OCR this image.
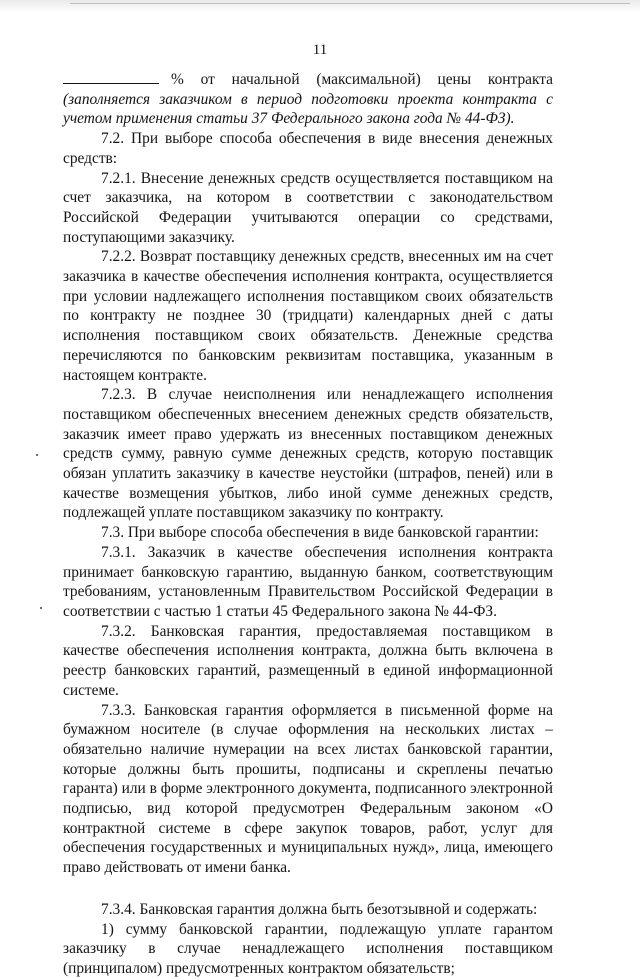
11

% от начальной (максимальной) цены контракта

(заполняется заказчиком в период подготовки проекта контракта с учетом применения статьи 37 Федерального закона года № 44-ФЗ).

7.2. При выборе способа обеспечения в виде внесения денежных средств:

7.2.1. Внесение денежных средств осуществляется поставщиком на счет заказчика, на котором в соответствии с законодательством Российской Федерации учитываются операции со средствами, поступающими заказчику.

7.2.2. Возврат поставщику денежных средств, внесенных им на счет заказчика в качестве обеспечения исполнения контракта, осуществляется при условии надлежащего исполнения поставщиком своих обязательств по контракту не позднее 30 (тридцати) календарных дней с даты исполнения поставщиком своих обязательств. Денежные средства перечисляются по банковским реквизитам поставщика, указанным в настоящем контракте.

7.2.3. В случае неисполнения или ненадлежащего исполнения поставщиком обеспеченных внесением денежных средств обязательств, заказчик имеет право удержать из внесенных поставщиком денежных средств сумму, равную сумме денежных средств, которую поставщик обязан уплатить заказчику в качестве неустойки (штрафов, пеней) или в качестве возмещения убытков, либо иной сумме денежных средств, подлежащей уплате поставщиком заказчику по контракту.

7.3. При выборе способа обеспечения в виде банковской гарантии:

7.3.1. Заказчик в качестве обеспечения исполнения контракта принимает банковскую гарантию, выданную банком, соответствующим требованиям, установленным Правительством Российской Федерации в соответствии с частью 1 статьи 45 Федерального закона № 44-ФЗ.

7.3.2. Банковская гарантия, предоставляемая поставщиком в качестве обеспечения исполнения контракта, должна быть включена в реестр банковских гарантий, размещенный в единой информационной системе.

7.3.3. Банковская гарантия оформляется в письменной форме на бумажном носителе (в случае оформления на нескольких листах – обязательно наличие нумерации на всех листах банковской гарантии, которые должны быть прошиты, подписаны и скреплены печатью гаранта) или в форме электронного документа, подписанного электронной подписью, вид которой предусмотрен Федеральным законом «О контрактной системе в сфере закупок товаров, работ, услуг для обеспечения государственных и муниципальных нужд», лица, имеющего право действовать от имени банка.

7.3.4. Банковская гарантия должна быть безотзывной и содержать:

1) сумму банковской гарантии, подлежащую уплате гарантом заказчику в случае ненадлежащего исполнения поставщиком (принципалом) предусмотренных контрактом обязательств;
